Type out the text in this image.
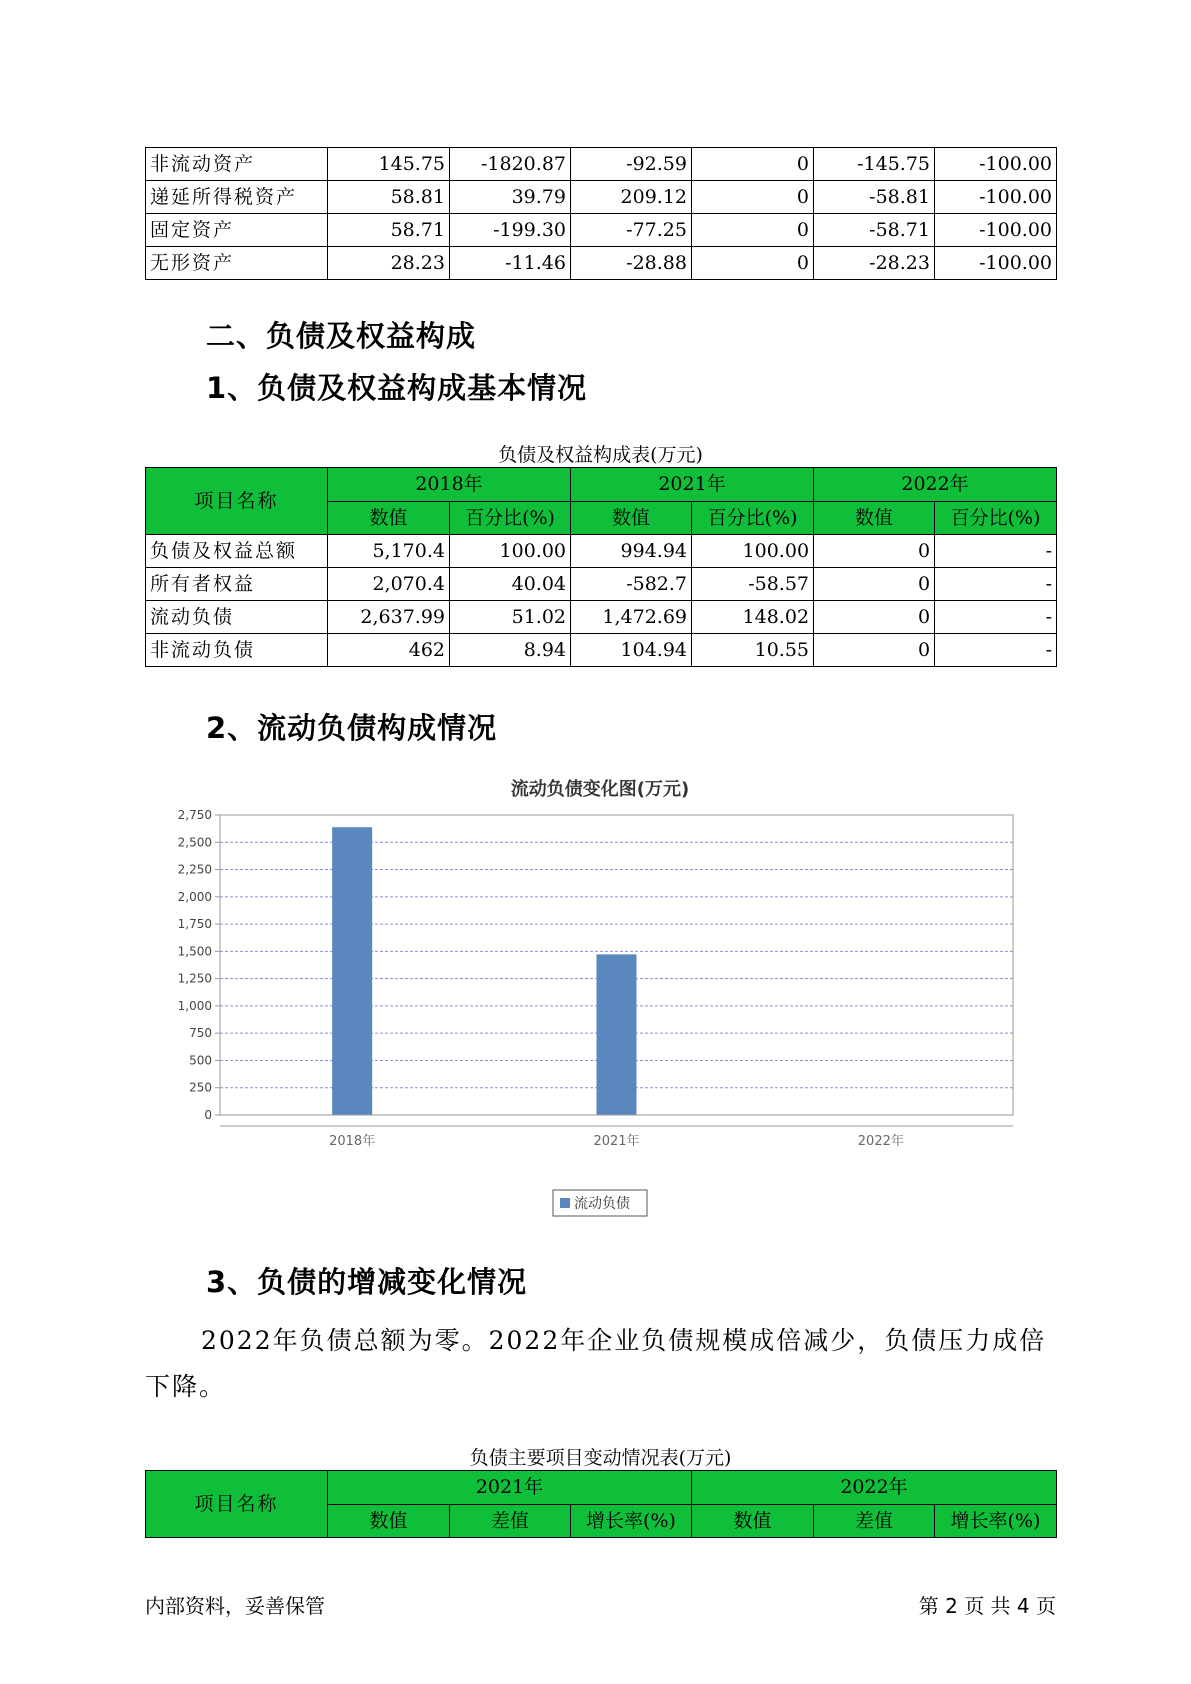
非流动资产	145.75	-1820.87	-92.59	0	-145.75	-100.00
递延所得税资产	58.81	39.79	209.12	0	-58.81	-100.00
固定资产	58.71	-199.30	-77.25	0	-58.71	-100.00
无形资产	28.23	-11.46	-28.88	0	-28.23	-100.00
二、负债及权益构成
1、负债及权益构成基本情况
负债及权益构成表(万元)
项目名称	2018年		2021年		2022年	
	数值	百分比(%)	数值	百分比(%)	数值	百分比(%)
负债及权益总额	5,170.4	100.00	994.94	100.00	0	-
所有者权益	2,070.4	40.04	-582.7	-58.57	0	-
流动负债	2,637.99	51.02	1,472.69	148.02	0	-
非流动负债	462	8.94	104.94	10.55	0	-
2、流动负债构成情况
流动负债变化图(万元)
0
250
500
750
1,000
1,250
1,500
1,750
2,000
2,250
2,500
2,750
2018年	2021年	2022年
流动负债
3、负债的增减变化情况
2022年负债总额为零。2022年企业负债规模成倍减少，负债压力成倍下降。
负债主要项目变动情况表(万元)
项目名称	2021年			2022年		
	数值	差值	增长率(%)	数值	差值	增长率(%)
内部资料，妥善保管	第 2 页 共 4 页
